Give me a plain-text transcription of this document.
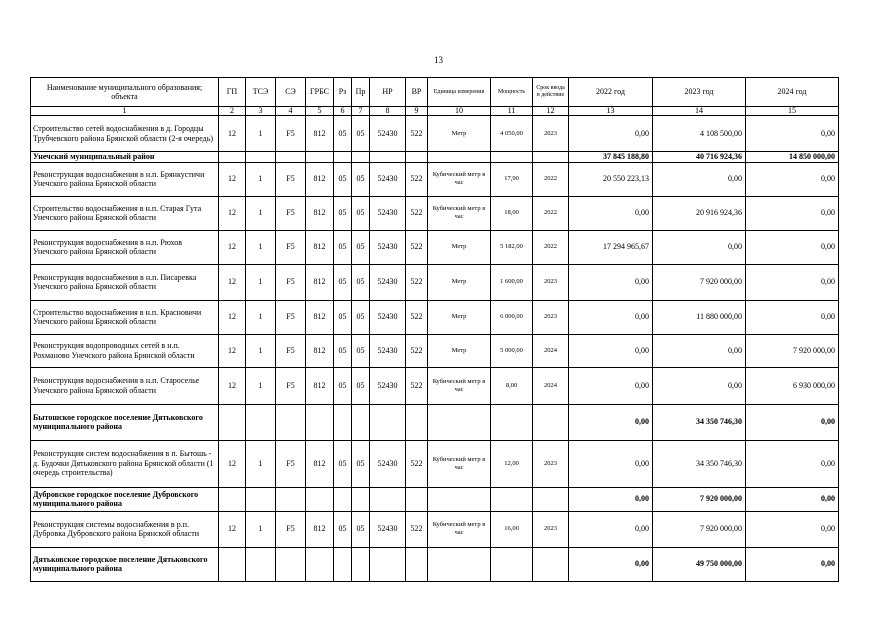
13
Наименование муниципального образования; объекта	ГП	ТСЭ	СЭ	ГРБС	Рз	Пр	НР	ВР	Единица измерения	Мощность	Срок ввода в действие	2022 год	2023 год	2024 год
1	2	3	4	5	6	7	8	9	10	11	12	13	14	15
Строительство сетей водоснабжения в д. Городцы Трубчевского района Брянской области (2-я очередь)	12	1	F5	812	05	05	52430	522	Метр	4 050,00	2023	0,00	4 108 500,00	0,00
Унечский муниципальный район												37 845 188,80	40 716 924,36	14 850 000,00
Реконструкция водоснабжения в н.п. Брянкустичи Унечского района Брянской области	12	1	F5	812	05	05	52430	522	Кубический метр в час	17,90	2022	20 550 223,13	0,00	0,00
Строительство водоснабжения в н.п. Старая Гута Унечского района Брянской области	12	1	F5	812	05	05	52430	522	Кубический метр в час	18,00	2022	0,00	20 916 924,36	0,00
Реконструкция водоснабжения в н.п. Рюхов Унечского района Брянской области	12	1	F5	812	05	05	52430	522	Метр	5 182,00	2022	17 294 965,67	0,00	0,00
Реконструкция водоснабжения в н.п. Писаревка Унечского района Брянской области	12	1	F5	812	05	05	52430	522	Метр	1 600,00	2023	0,00	7 920 000,00	0,00
Строительство водоснабжения в н.п. Красновичи Унечского района Брянской области	12	1	F5	812	05	05	52430	522	Метр	6 000,00	2023	0,00	11 880 000,00	0,00
Реконструкция водопроводных сетей в н.п. Рохманово Унечского района Брянской области	12	1	F5	812	05	05	52430	522	Метр	5 000,00	2024	0,00	0,00	7 920 000,00
Реконструкция водоснабжения в н.п. Староселье Унечского района Брянской области	12	1	F5	812	05	05	52430	522	Кубический метр в час	8,00	2024	0,00	0,00	6 930 000,00
Бытошское городское поселение Дятьковского муниципального района												0,00	34 350 746,30	0,00
Реконструкция систем водоснабжения в п. Бытошь - д. Будочки Дятьковского района Брянской области (1 очередь строительства)	12	1	F5	812	05	05	52430	522	Кубический метр в час	12,00	2023	0,00	34 350 746,30	0,00
Дубровское городское поселение Дубровского муниципального района												0,00	7 920 000,00	0,00
Реконструкция системы водоснабжения в р.п. Дубровка Дубровского района Брянской области	12	1	F5	812	05	05	52430	522	Кубический метр в час	16,00	2023	0,00	7 920 000,00	0,00
Дятьковское городское поселение Дятьковского муниципального района												0,00	49 750 000,00	0,00
